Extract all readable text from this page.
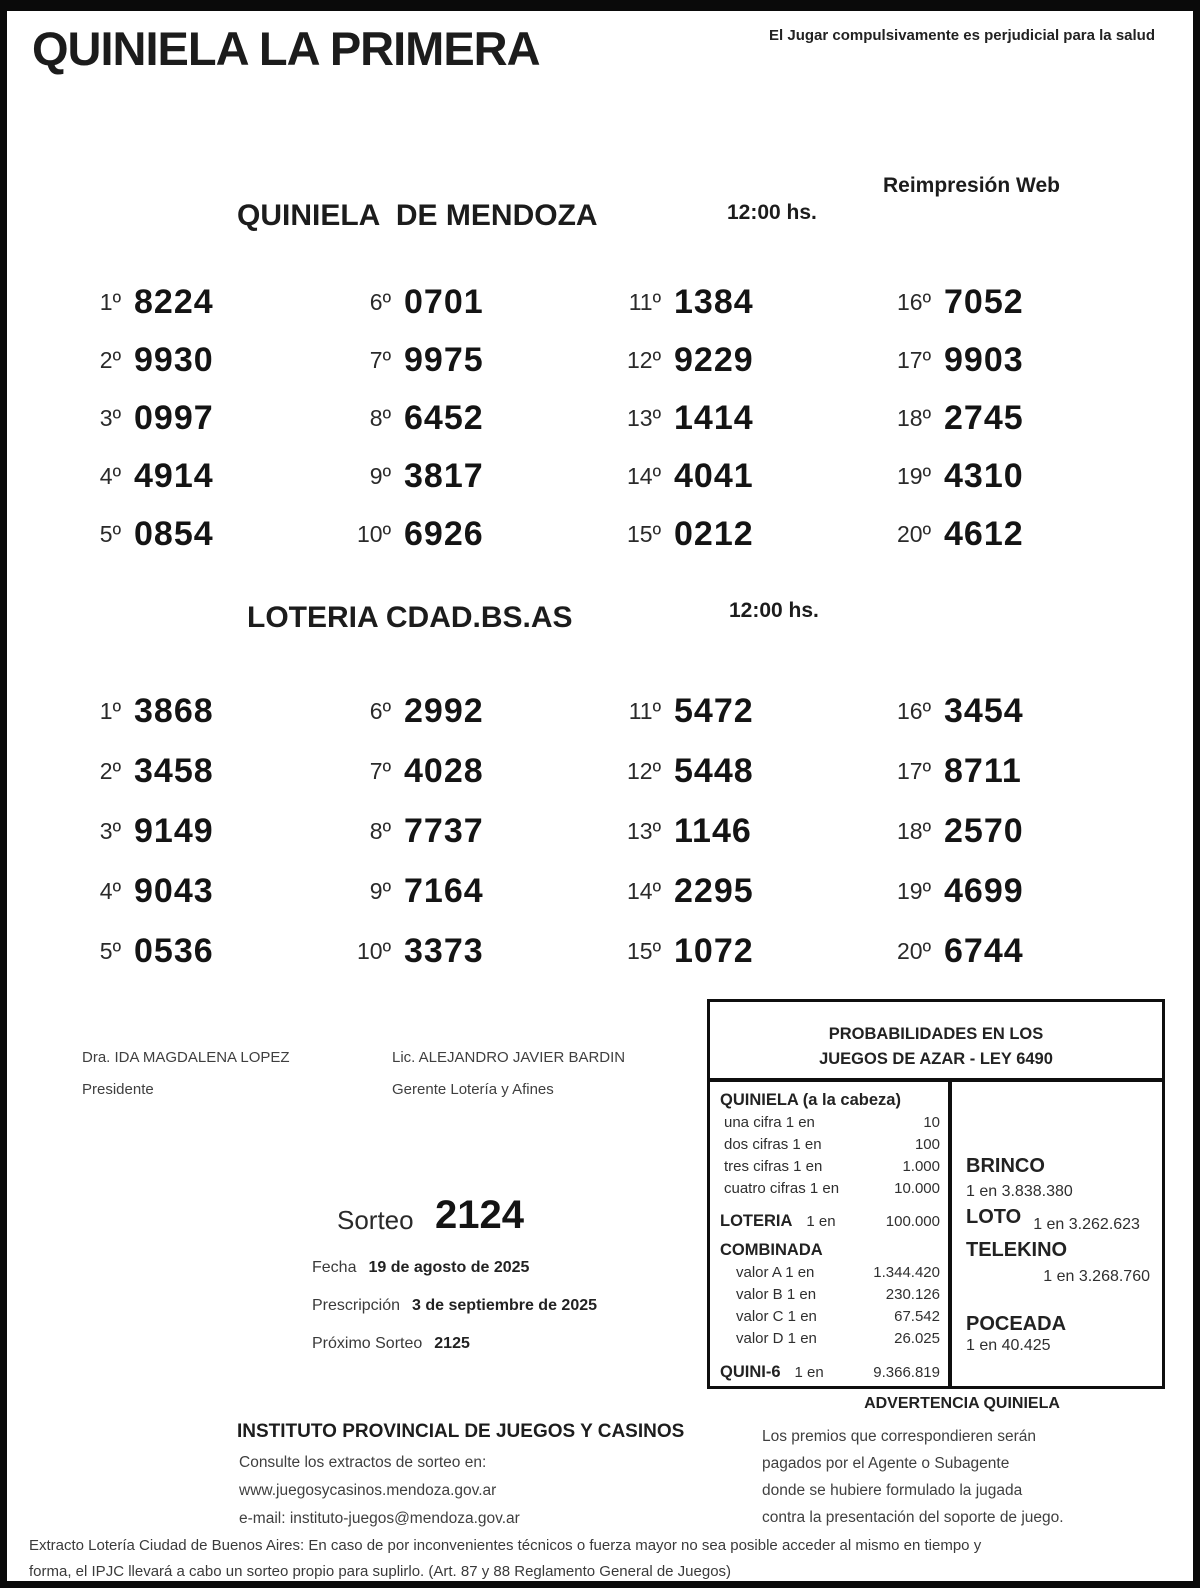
QUINIELA LA PRIMERA	El Jugar compulsivamente es perjudicial para la salud
QUINIELA  DE MENDOZA	12:00 hs.
Reimpresión Web
1º 8224
2º 9930
3º 0997
4º 4914
5º 0854
6º 0701
7º 9975
8º 6452
9º 3817
10º 6926
11º 1384
12º 9229
13º 1414
14º 4041
15º 0212
16º 7052
17º 9903
18º 2745
19º 4310
20º 4612
LOTERIA CDAD.BS.AS	12:00 hs.
1º 3868
2º 3458
3º 9149
4º 9043
5º 0536
6º 2992
7º 4028
8º 7737
9º 7164
10º 3373
11º 5472
12º 5448
13º 1146
14º 2295
15º 1072
16º 3454
17º 8711
18º 2570
19º 4699
20º 6744
Dra. IDA MAGDALENA LOPEZ
Presidente
Lic. ALEJANDRO JAVIER BARDIN
Gerente Lotería y Afines
PROBABILIDADES EN LOS
JUEGOS DE AZAR - LEY 6490
QUINIELA (a la cabeza)
una cifra 1 en	10
dos cifras 1 en	100
tres cifras 1 en	1.000
cuatro cifras 1 en	10.000
LOTERIA 1 en	100.000
COMBINADA
valor A 1 en	1.344.420
valor B 1 en	230.126
valor C 1 en	67.542
valor D 1 en	26.025
QUINI-6 1 en	9.366.819
BRINCO
1 en 3.838.380
LOTO 1 en 3.262.623
TELEKINO
1 en 3.268.760
POCEADA
1 en 40.425
Sorteo 2124
Fecha 19 de agosto de 2025
Prescripción 3 de septiembre de 2025
Próximo Sorteo 2125
INSTITUTO PROVINCIAL DE JUEGOS Y CASINOS
Consulte los extractos de sorteo en:
www.juegosycasinos.mendoza.gov.ar
e-mail: instituto-juegos@mendoza.gov.ar
ADVERTENCIA QUINIELA
Los premios que correspondieren serán
pagados por el Agente o Subagente
donde se hubiere formulado la jugada
contra la presentación del soporte de juego.
Extracto Lotería Ciudad de Buenos Aires: En caso de por inconvenientes técnicos o fuerza mayor no sea posible acceder al mismo en tiempo y
forma, el IPJC llevará a cabo un sorteo propio para suplirlo. (Art. 87 y 88 Reglamento General de Juegos)
